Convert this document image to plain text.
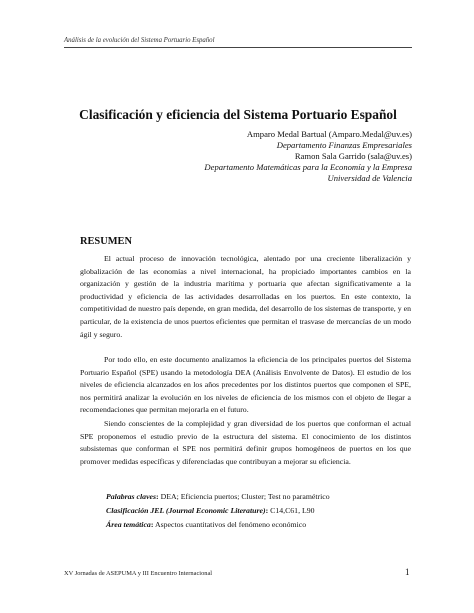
Análisis de la evolución del Sistema Portuario Español
Clasificación y eficiencia del Sistema Portuario Español
Amparo Medal Bartual (Amparo.Medal@uv.es)
Departamento Finanzas Empresariales
Ramon Sala Garrido (sala@uv.es)
Departamento Matemáticas para la Economía y la Empresa
Universidad de Valencia
RESUMEN

El actual proceso de innovación tecnológica, alentado por una creciente liberalización y globalización de las economías a nivel internacional, ha propiciado importantes cambios en la organización y gestión de la industria marítima y portuaria que afectan significativamente a la productividad y eficiencia de las actividades desarrolladas en los puertos. En este contexto, la competitividad de nuestro país depende, en gran medida, del desarrollo de los sistemas de transporte, y en particular, de la existencia de unos puertos eficientes que permitan el trasvase de mercancías de un modo ágil y seguro.

Por todo ello, en este documento analizamos la eficiencia de los principales puertos del Sistema Portuario Español (SPE) usando la metodología DEA (Análisis Envolvente de Datos). El estudio de los niveles de eficiencia alcanzados en los años precedentes por los distintos puertos que componen el SPE, nos permitirá analizar la evolución en los niveles de eficiencia de los mismos con el objeto de llegar a recomendaciones que permitan mejorarla en el futuro.

Siendo conscientes de la complejidad y gran diversidad de los puertos que conforman el actual SPE proponemos el estudio previo de la estructura del sistema. El conocimiento de los distintos subsistemas que conforman el SPE nos permitirá definir grupos homogéneos de puertos en los que promover medidas específicas y diferenciadas que contribuyan a mejorar su eficiencia.

Palabras claves: DEA; Eficiencia puertos; Cluster; Test no paramétrico
Clasificación JEL (Journal Economic Literature): C14,C61, L90
Área temática: Aspectos cuantitativos del fenómeno económico
XV Jornadas de ASEPUMA y III Encuentro Internacional	1
